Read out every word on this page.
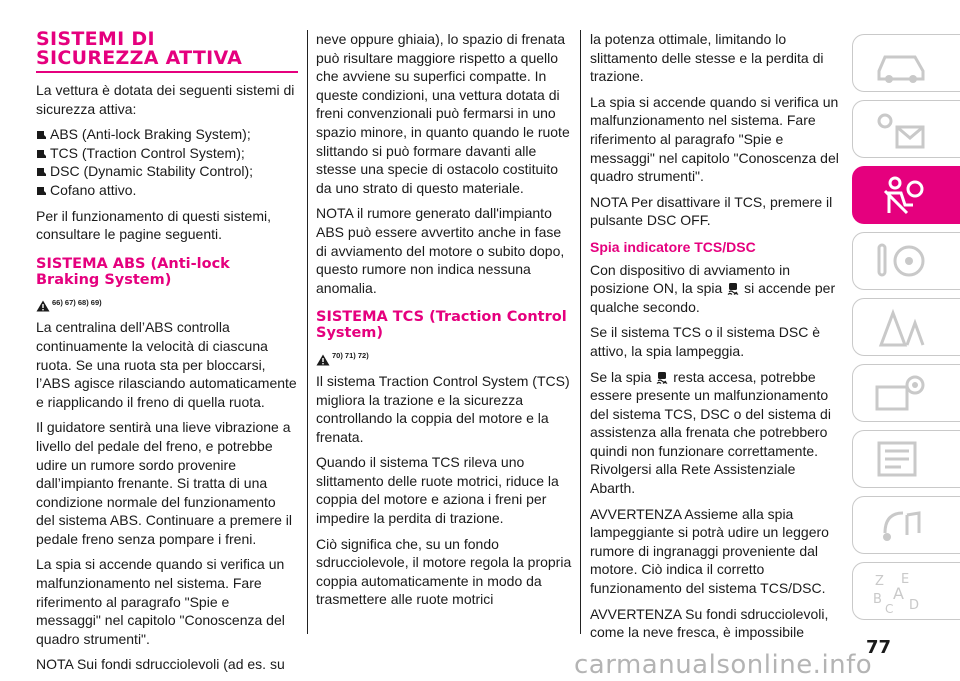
SISTEMI DI
SICUREZZA ATTIVA

La vettura è dotata dei seguenti sistemi di sicurezza attiva:

ABS (Anti-lock Braking System);
TCS (Traction Control System);
DSC (Dynamic Stability Control);
Cofano attivo.

Per il funzionamento di questi sistemi, consultare le pagine seguenti.

SISTEMA ABS (Anti-lock Braking System)
66) 67) 68) 69)

La centralina dell’ABS controlla continuamente la velocità di ciascuna ruota. Se una ruota sta per bloccarsi, l’ABS agisce rilasciando automaticamente e riapplicando il freno di quella ruota.

Il guidatore sentirà una lieve vibrazione a livello del pedale del freno, e potrebbe udire un rumore sordo provenire dall’impianto frenante. Si tratta di una condizione normale del funzionamento del sistema ABS. Continuare a premere il pedale freno senza pompare i freni.

La spia si accende quando si verifica un malfunzionamento nel sistema. Fare riferimento al paragrafo "Spie e messaggi" nel capitolo "Conoscenza del quadro strumenti".

NOTA Sui fondi sdrucciolevoli (ad es. su

neve oppure ghiaia), lo spazio di frenata può risultare maggiore rispetto a quello che avviene su superfici compatte. In queste condizioni, una vettura dotata di freni convenzionali può fermarsi in uno spazio minore, in quanto quando le ruote slittando si può formare davanti alle stesse una specie di ostacolo costituito da uno strato di questo materiale.

NOTA il rumore generato dall'impianto ABS può essere avvertito anche in fase di avviamento del motore o subito dopo, questo rumore non indica nessuna anomalia.

SISTEMA TCS (Traction Control System)
70) 71) 72)

Il sistema Traction Control System (TCS) migliora la trazione e la sicurezza controllando la coppia del motore e la frenata.

Quando il sistema TCS rileva uno slittamento delle ruote motrici, riduce la coppia del motore e aziona i freni per impedire la perdita di trazione.

Ciò significa che, su un fondo sdrucciolevole, il motore regola la propria coppia automaticamente in modo da trasmettere alle ruote motrici

la potenza ottimale, limitando lo slittamento delle stesse e la perdita di trazione.

La spia si accende quando si verifica un malfunzionamento nel sistema. Fare riferimento al paragrafo "Spie e messaggi" nel capitolo "Conoscenza del quadro strumenti".

NOTA Per disattivare il TCS, premere il pulsante DSC OFF.

Spia indicatore TCS/DSC

Con dispositivo di avviamento in posizione ON, la spia si accende per qualche secondo.

Se il sistema TCS o il sistema DSC è attivo, la spia lampeggia.

Se la spia resta accesa, potrebbe essere presente un malfunzionamento del sistema TCS, DSC o del sistema di assistenza alla frenata che potrebbero quindi non funzionare correttamente. Rivolgersi alla Rete Assistenziale Abarth.

AVVERTENZA Assieme alla spia lampeggiante si potrà udire un leggero rumore di ingranaggi proveniente dal motore. Ciò indica il corretto funzionamento del sistema TCS/DSC.

AVVERTENZA Su fondi sdrucciolevoli, come la neve fresca, è impossibile

Z E
B A
D
C
77
carmanualsonline.info
